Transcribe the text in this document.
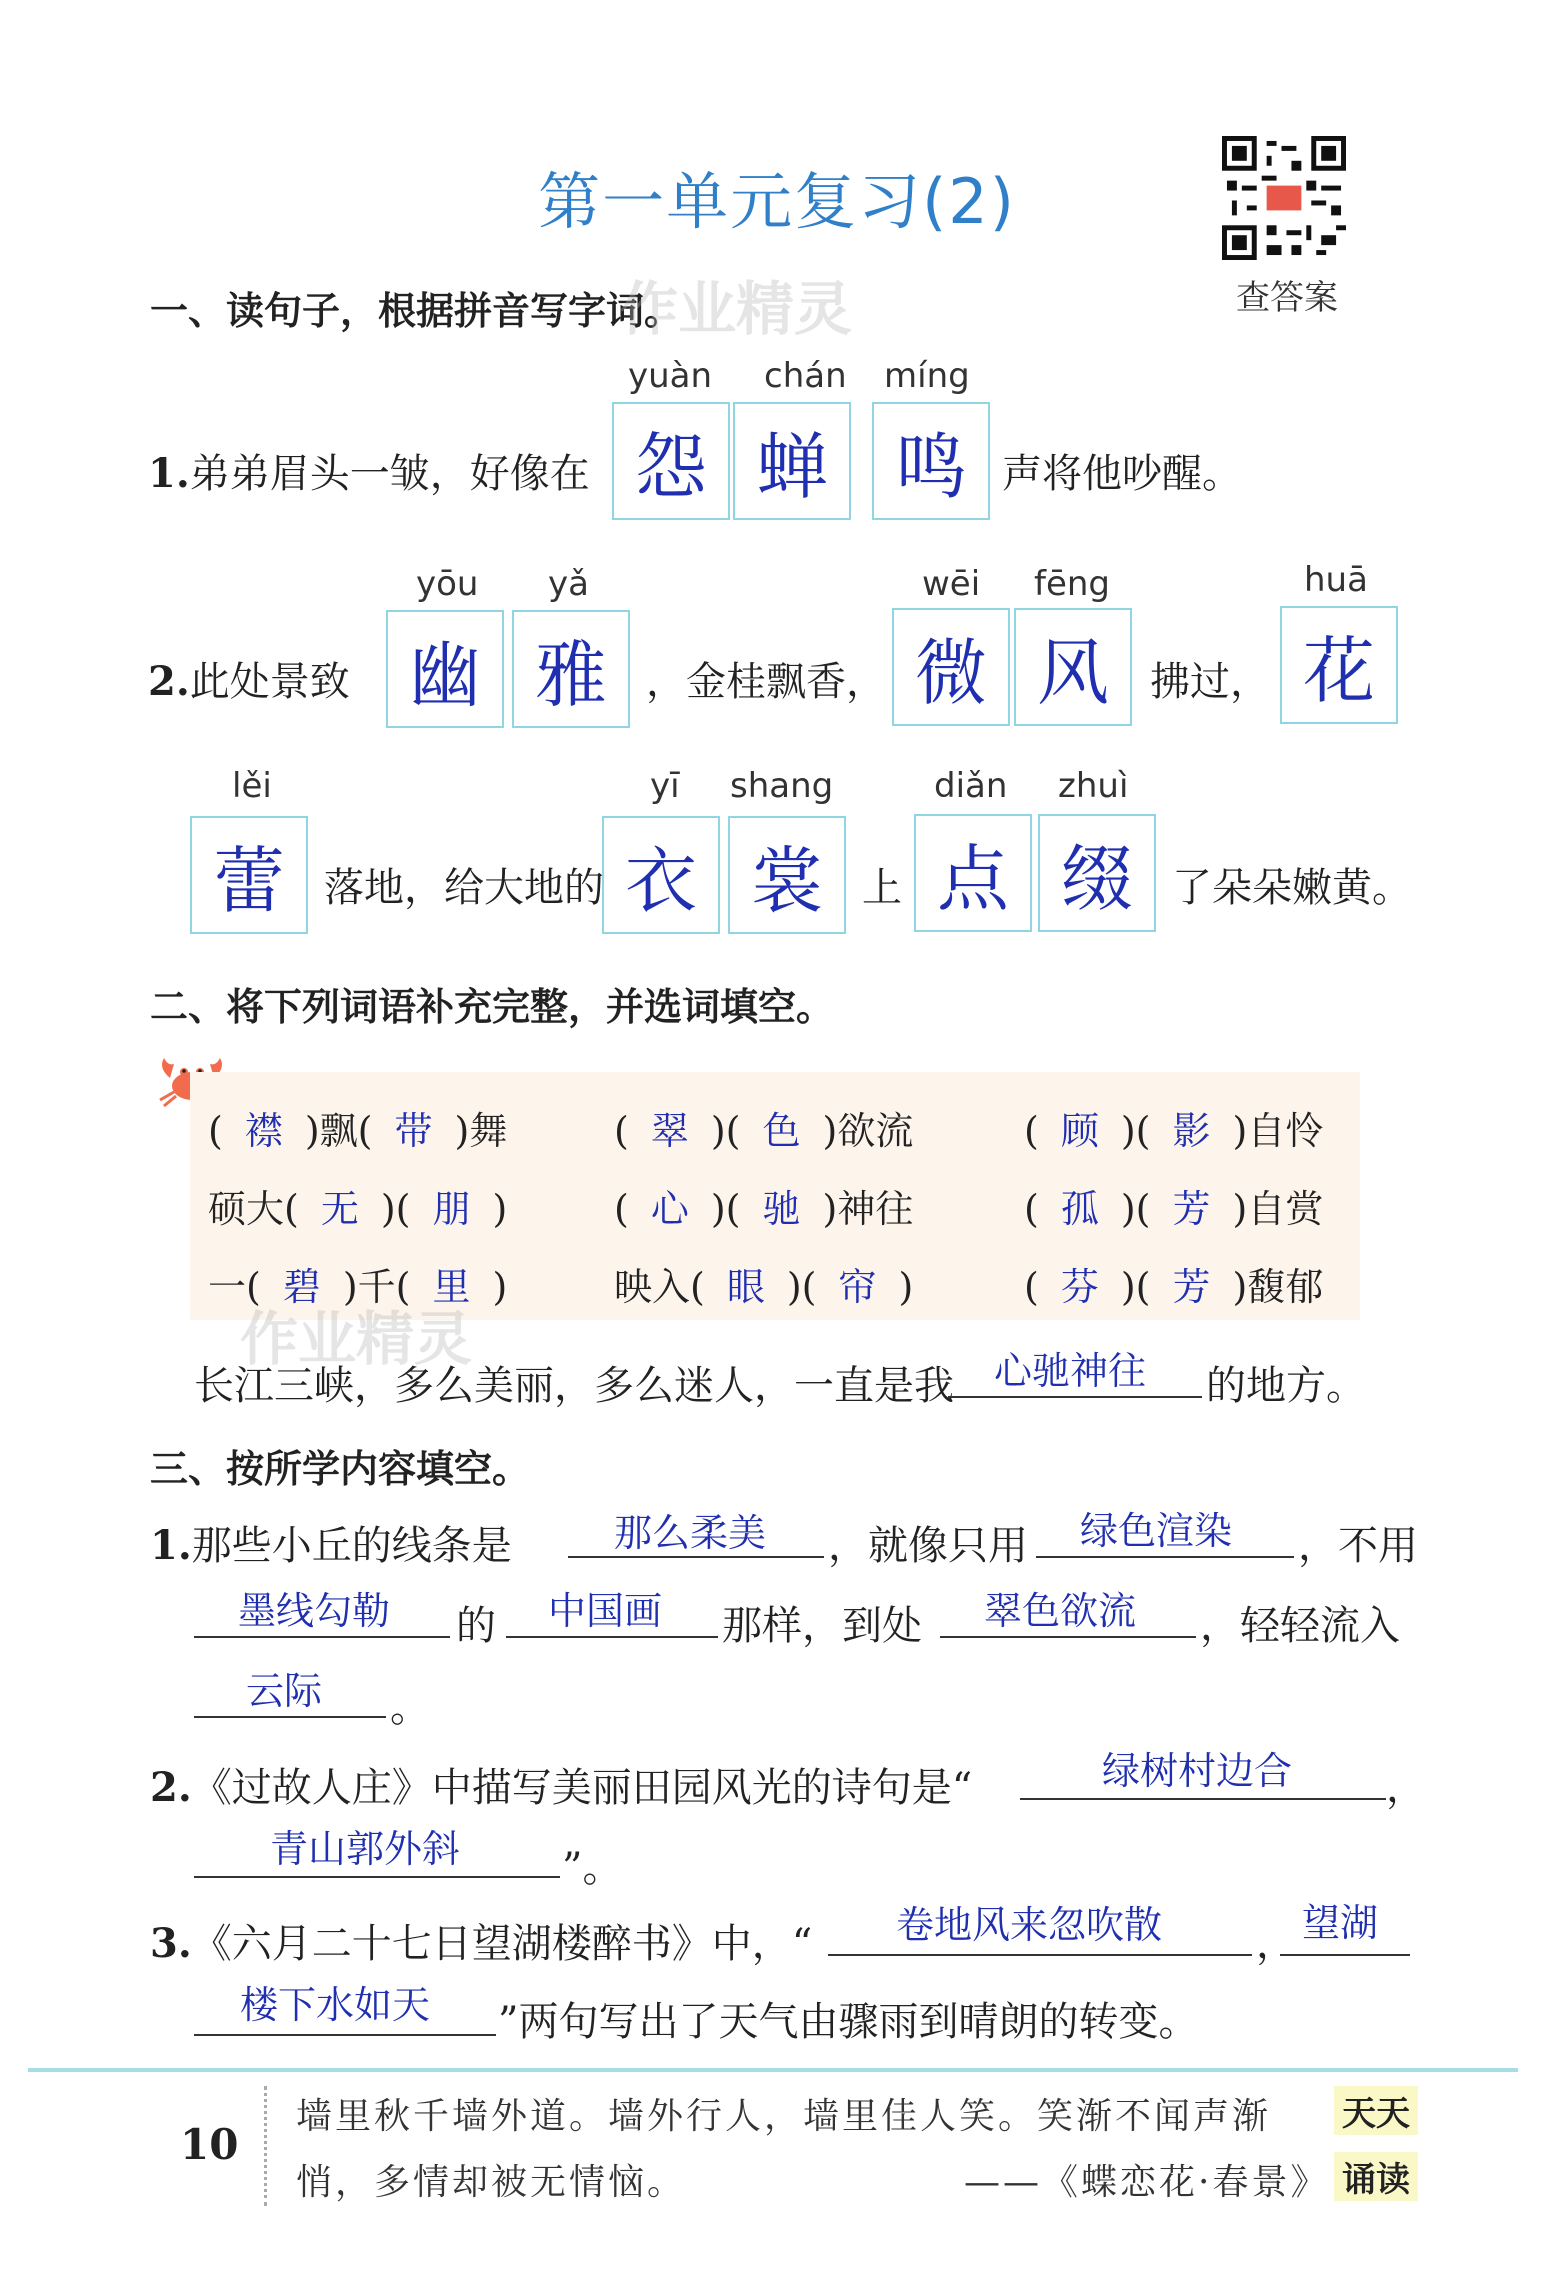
第一单元复习(2)
查答案
一、读句子，根据拼音写字词。
作业精灵
yuàn chán míng
1.弟弟眉头一皱，好像在 怨 蝉 鸣 声将他吵醒。
yōu yǎ	wēi fēng	huā
2.此处景致 幽 雅 ，金桂飘香， 微 风	拂过， 花
lěi	yī shang	diǎn zhuì
蕾 落地，给大地的 衣 裳 上 点 缀 了朵朵嫩黄。
二、将下列词语补充完整，并选词填空。
( 襟 )飘( 带 )舞	( 翠 )( 色 )欲流	( 顾 )( 影 )自怜
硕大( 无 )( 朋 )	( 心 )( 驰 )神往	( 孤 )( 芳 )自赏
一( 碧 )千( 里 )	映入( 眼 )( 帘 )	( 芬 )( 芳 )馥郁
作业精灵
长江三峡，多么美丽，多么迷人，一直是我 心驰神往 的地方。
三、按所学内容填空。
1.那些小丘的线条是	那么柔美 ，就像只用 绿色渲染 ，不用
墨线勾勒 的 中国画 那样，到处 翠色欲流 ，轻轻流入
云际 。
2.《过故人庄》中描写美丽田园风光的诗句是“	绿树村边合 ，
青山郭外斜	”。
3.《六月二十七日望湖楼醉书》中，“ 卷地风来忽吹散 ， 望湖
楼下水如天 ”两句写出了天气由骤雨到晴朗的转变。
10
墙里秋千墙外道。墙外行人，墙里佳人笑。笑渐不闻声渐
悄，多情却被无情恼。	——《蝶恋花·春景》
天天
诵读
